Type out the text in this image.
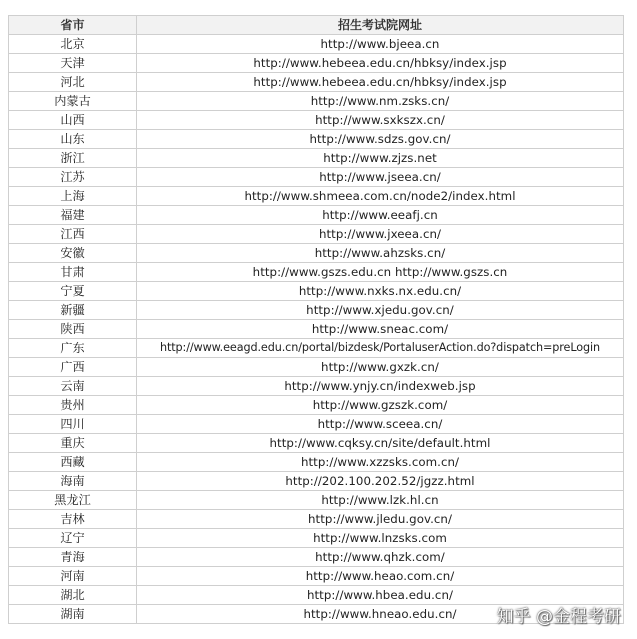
省市	招生考试院网址
北京	http://www.bjeea.cn
天津	http://www.hebeea.edu.cn/hbksy/index.jsp
河北	http://www.hebeea.edu.cn/hbksy/index.jsp
内蒙古	http://www.nm.zsks.cn/
山西	http://www.sxkszx.cn/
山东	http://www.sdzs.gov.cn/
浙江	http://www.zjzs.net
江苏	http://www.jseea.cn/
上海	http://www.shmeea.com.cn/node2/index.html
福建	http://www.eeafj.cn
江西	http://www.jxeea.cn/
安徽	http://www.ahzsks.cn/
甘肃	http://www.gszs.edu.cn http://www.gszs.cn
宁夏	http://www.nxks.nx.edu.cn/
新疆	http://www.xjedu.gov.cn/
陕西	http://www.sneac.com/
广东	http://www.eeagd.edu.cn/portal/bizdesk/PortaluserAction.do?dispatch=preLogin
广西	http://www.gxzk.cn/
云南	http://www.ynjy.cn/indexweb.jsp
贵州	http://www.gzszk.com/
四川	http://www.sceea.cn/
重庆	http://www.cqksy.cn/site/default.html
西藏	http://www.xzzsks.com.cn/
海南	http://202.100.202.52/jgzz.html
黑龙江	http://www.lzk.hl.cn
吉林	http://www.jledu.gov.cn/
辽宁	http://www.lnzsks.com
青海	http://www.qhzk.com/
河南	http://www.heao.com.cn/
湖北	http://www.hbea.edu.cn/
湖南	http://www.hneao.edu.cn/ 知乎 @金程考研
